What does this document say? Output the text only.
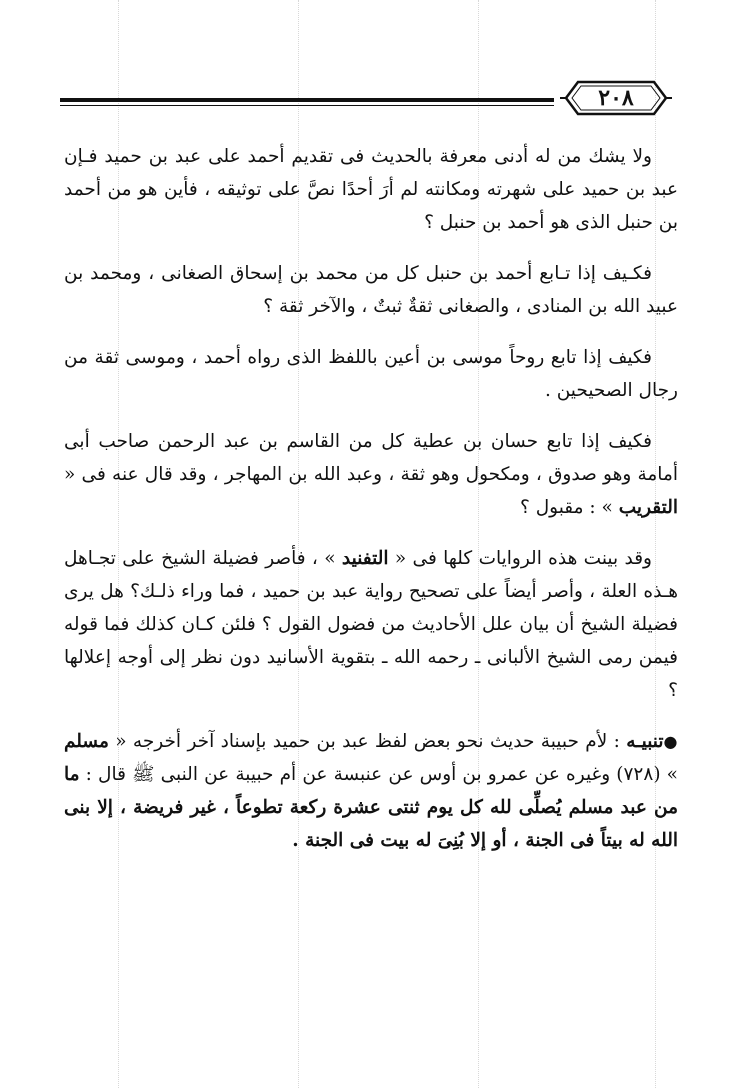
٢٠٨

ولا يشك من له أدنى معرفة بالحديث فى تقديم أحمد على عبد بن حميد فـإن عبد بن حميد على شهرته ومكانته لم أرَ أحدًا نصَّ على توثيقه ، فأين هو من أحمد بن حنبل الذى هو أحمد بن حنبل ؟

فكـيف إذا تـابع أحمد بن حنبل كل من محمد بن إسحاق الصغانى ، ومحمد بن عبيد الله بن المنادى ، والصغانى ثقةٌ ثبتٌ ، والآخر ثقة ؟

فكيف إذا تابع روحاً موسى بن أعين باللفظ الذى رواه أحمد ، وموسى ثقة من رجال الصحيحين .

فكيف إذا تابع حسان بن عطية كل من القاسم بن عبد الرحمن صاحب أبى أمامة وهو صدوق ، ومكحول وهو ثقة ، وعبد الله بن المهاجر ، وقد قال عنه فى « التقريب » : مقبول ؟

وقد بينت هذه الروايات كلها فى « التفنيد » ، فأصر فضيلة الشيخ على تجـاهل هـذه العلة ، وأصر أيضاً على تصحيح رواية عبد بن حميد ، فما وراء ذلـك؟ هل يرى فضيلة الشيخ أن بيان علل الأحاديث من فضول القول ؟ فلئن كـان كذلك فما قوله فيمن رمى الشيخ الألبانى ـ رحمه الله ـ بتقوية الأسانيد دون نظر إلى أوجه إعلالها ؟

●تنبيـه : لأم حبيبة حديث نحو بعض لفظ عبد بن حميد بإسناد آخر أخرجه « مسلم » (٧٢٨) وغيره عن عمرو بن أوس عن عنبسة عن أم حبيبة عن النبى ﷺ قال : ما من عبد مسلم يُصلِّى لله كل يوم ثنتى عشرة ركعة تطوعاً ، غير فريضة ، إلا بنى الله له بيتاً فى الجنة ، أو إلا بُنِىَ له بيت فى الجنة .
